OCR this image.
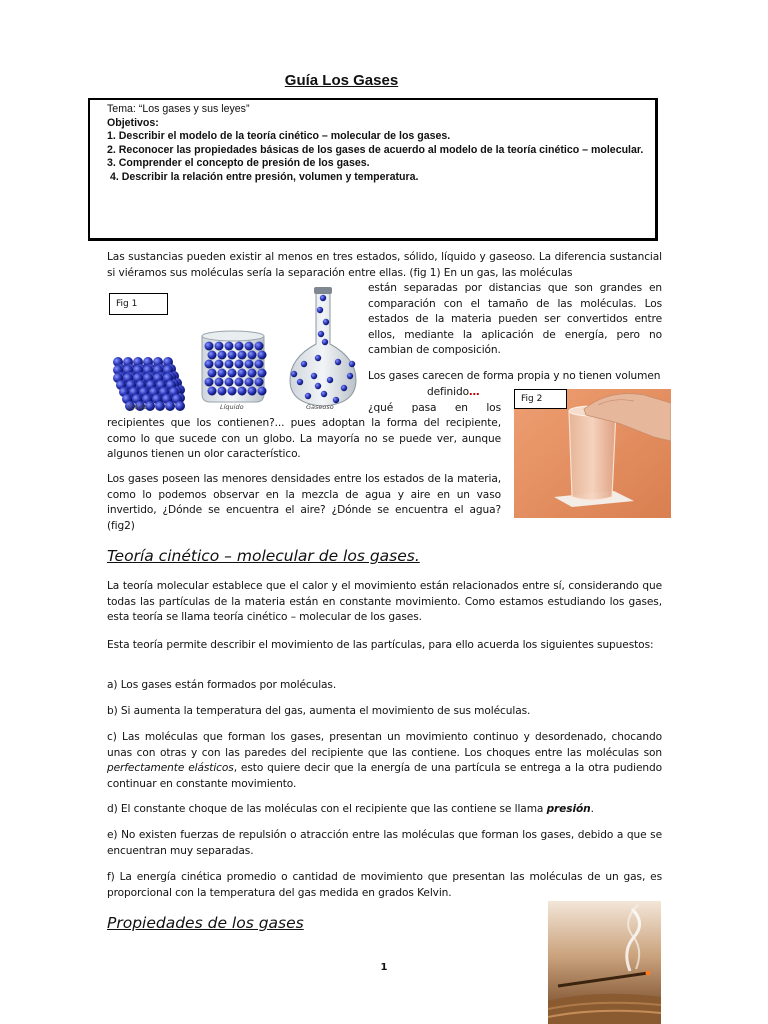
Guía Los Gases
Tema: “Los gases y sus leyes”
Objetivos:
1. Describir el modelo de la teoría cinético – molecular de los gases.
2. Reconocer las propiedades básicas de los gases de acuerdo al modelo de la teoría cinético – molecular.
3. Comprender el concepto de presión de los gases.
4. Describir la relación entre presión, volumen y temperatura.

Las sustancias pueden existir al menos en tres estados, sólido, líquido y gaseoso. La diferencia sustancial si viéramos sus moléculas sería la separación entre ellas. (fig 1) En un gas, las moléculas

están separadas por distancias que son grandes en comparación con el tamaño de las moléculas. Los estados de la materia pueden ser convertidos entre ellos, mediante la aplicación de energía, pero no cambian de composición.

Fig 1
Sólido	Líquido	Gaseoso

Los gases carecen de forma propia y no tienen volumen

definido…

¿qué pasa en los

recipientes que los contienen?... pues adoptan la forma del recipiente, como lo que sucede con un globo. La mayoría no se puede ver, aunque algunos tienen un olor característico.

Fig 2

Los gases poseen las menores densidades entre los estados de la materia, como lo podemos observar en la mezcla de agua y aire en un vaso invertido, ¿Dónde se encuentra el aire? ¿Dónde se encuentra el agua? (fig2)

Teoría cinético – molecular de los gases.

La teoría molecular establece que el calor y el movimiento están relacionados entre sí, considerando que todas las partículas de la materia están en constante movimiento. Como estamos estudiando los gases, esta teoría se llama teoría cinético – molecular de los gases.

Esta teoría permite describir el movimiento de las partículas, para ello acuerda los siguientes supuestos:

a) Los gases están formados por moléculas.

b) Si aumenta la temperatura del gas, aumenta el movimiento de sus moléculas.

c) Las moléculas que forman los gases, presentan un movimiento continuo y desordenado, chocando unas con otras y con las paredes del recipiente que las contiene. Los choques entre las moléculas son perfectamente elásticos, esto quiere decir que la energía de una partícula se entrega a la otra pudiendo continuar en constante movimiento.

d) El constante choque de las moléculas con el recipiente que las contiene se llama presión.

e) No existen fuerzas de repulsión o atracción entre las moléculas que forman los gases, debido a que se encuentran muy separadas.

f) La energía cinética promedio o cantidad de movimiento que presentan las moléculas de un gas, es proporcional con la temperatura del gas medida en grados Kelvin.

Propiedades de los gases
1
